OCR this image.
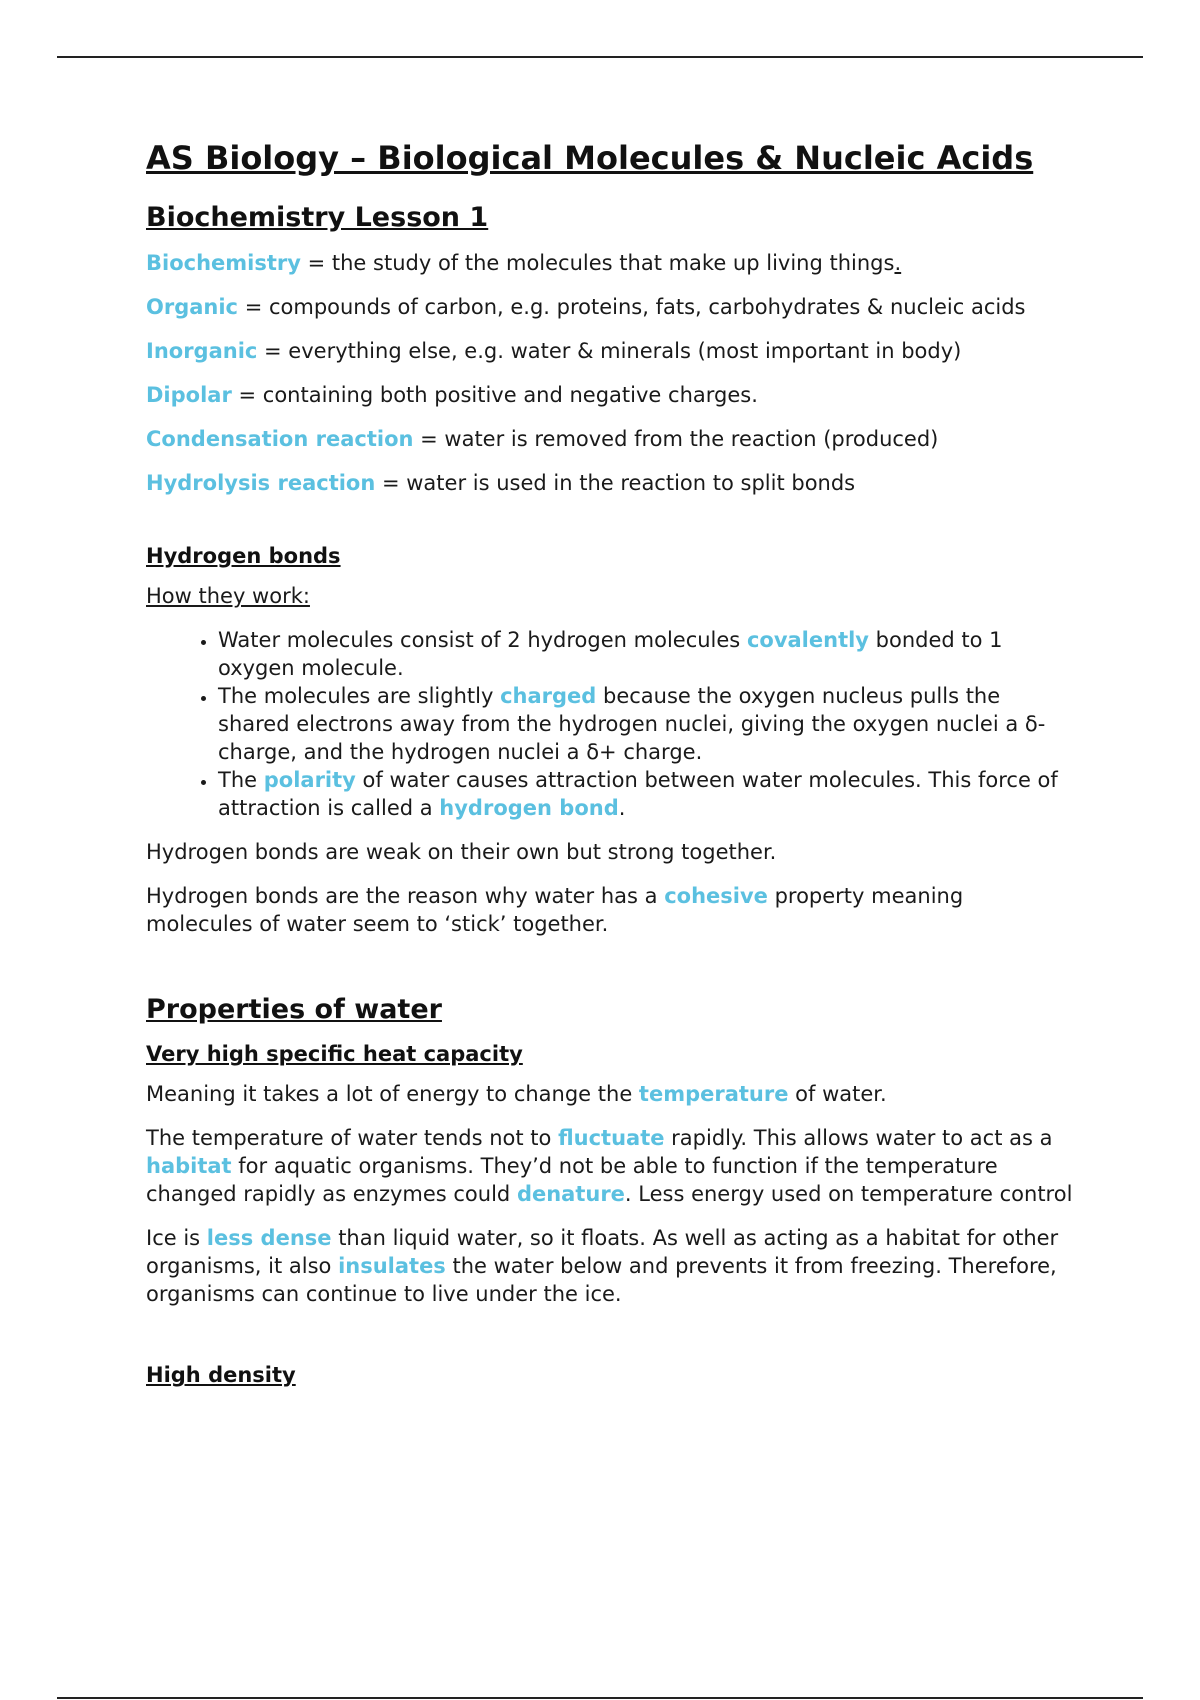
AS Biology – Biological Molecules & Nucleic Acids
Biochemistry Lesson 1

Biochemistry = the study of the molecules that make up living things.

Organic = compounds of carbon, e.g. proteins, fats, carbohydrates & nucleic acids

Inorganic = everything else, e.g. water & minerals (most important in body)

Dipolar = containing both positive and negative charges.

Condensation reaction = water is removed from the reaction (produced)

Hydrolysis reaction = water is used in the reaction to split bonds

Hydrogen bonds

How they work:

• Water molecules consist of 2 hydrogen molecules covalently bonded to 1 oxygen molecule.
• The molecules are slightly charged because the oxygen nucleus pulls the shared electrons away from the hydrogen nuclei, giving the oxygen nuclei a δ- charge, and the hydrogen nuclei a δ+ charge.
• The polarity of water causes attraction between water molecules. This force of attraction is called a hydrogen bond.

Hydrogen bonds are weak on their own but strong together.

Hydrogen bonds are the reason why water has a cohesive property meaning molecules of water seem to ‘stick’ together.

Properties of water
Very high specific heat capacity

Meaning it takes a lot of energy to change the temperature of water.

The temperature of water tends not to fluctuate rapidly. This allows water to act as a habitat for aquatic organisms. They’d not be able to function if the temperature changed rapidly as enzymes could denature. Less energy used on temperature control

Ice is less dense than liquid water, so it floats. As well as acting as a habitat for other organisms, it also insulates the water below and prevents it from freezing. Therefore, organisms can continue to live under the ice.

High density
